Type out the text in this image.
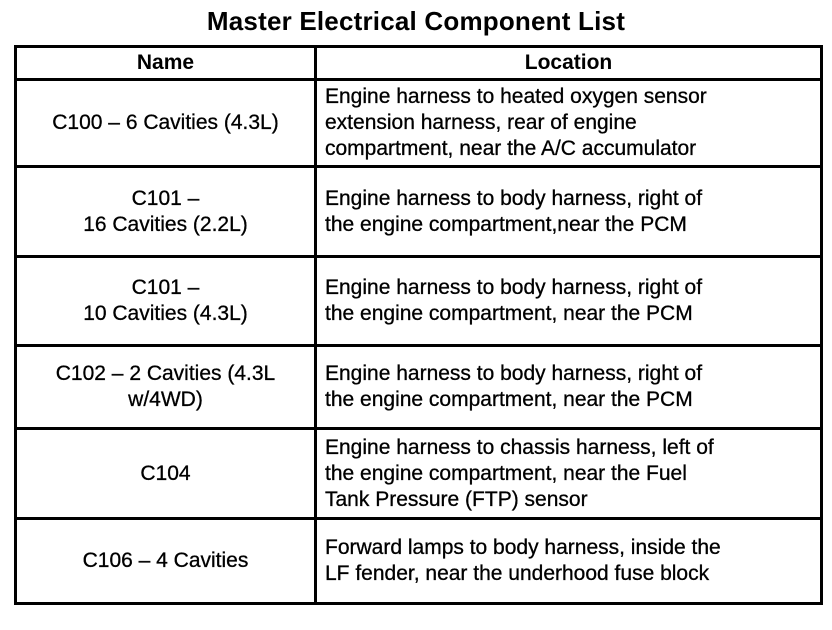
Master Electrical Component List
Name	Location

C100 – 6 Cavities (4.3L)	Engine harness to heated oxygen sensor
extension harness, rear of engine
compartment, near the A/C accumulator

C101 –
16 Cavities (2.2L)	Engine harness to body harness, right of
the engine compartment,near the PCM

C101 –
10 Cavities (4.3L)	Engine harness to body harness, right of
the engine compartment, near the PCM

C102 – 2 Cavities (4.3L
w/4WD)	Engine harness to body harness, right of
the engine compartment, near the PCM

C104	Engine harness to chassis harness, left of
the engine compartment, near the Fuel
Tank Pressure (FTP) sensor

C106 – 4 Cavities	Forward lamps to body harness, inside the
LF fender, near the underhood fuse block
